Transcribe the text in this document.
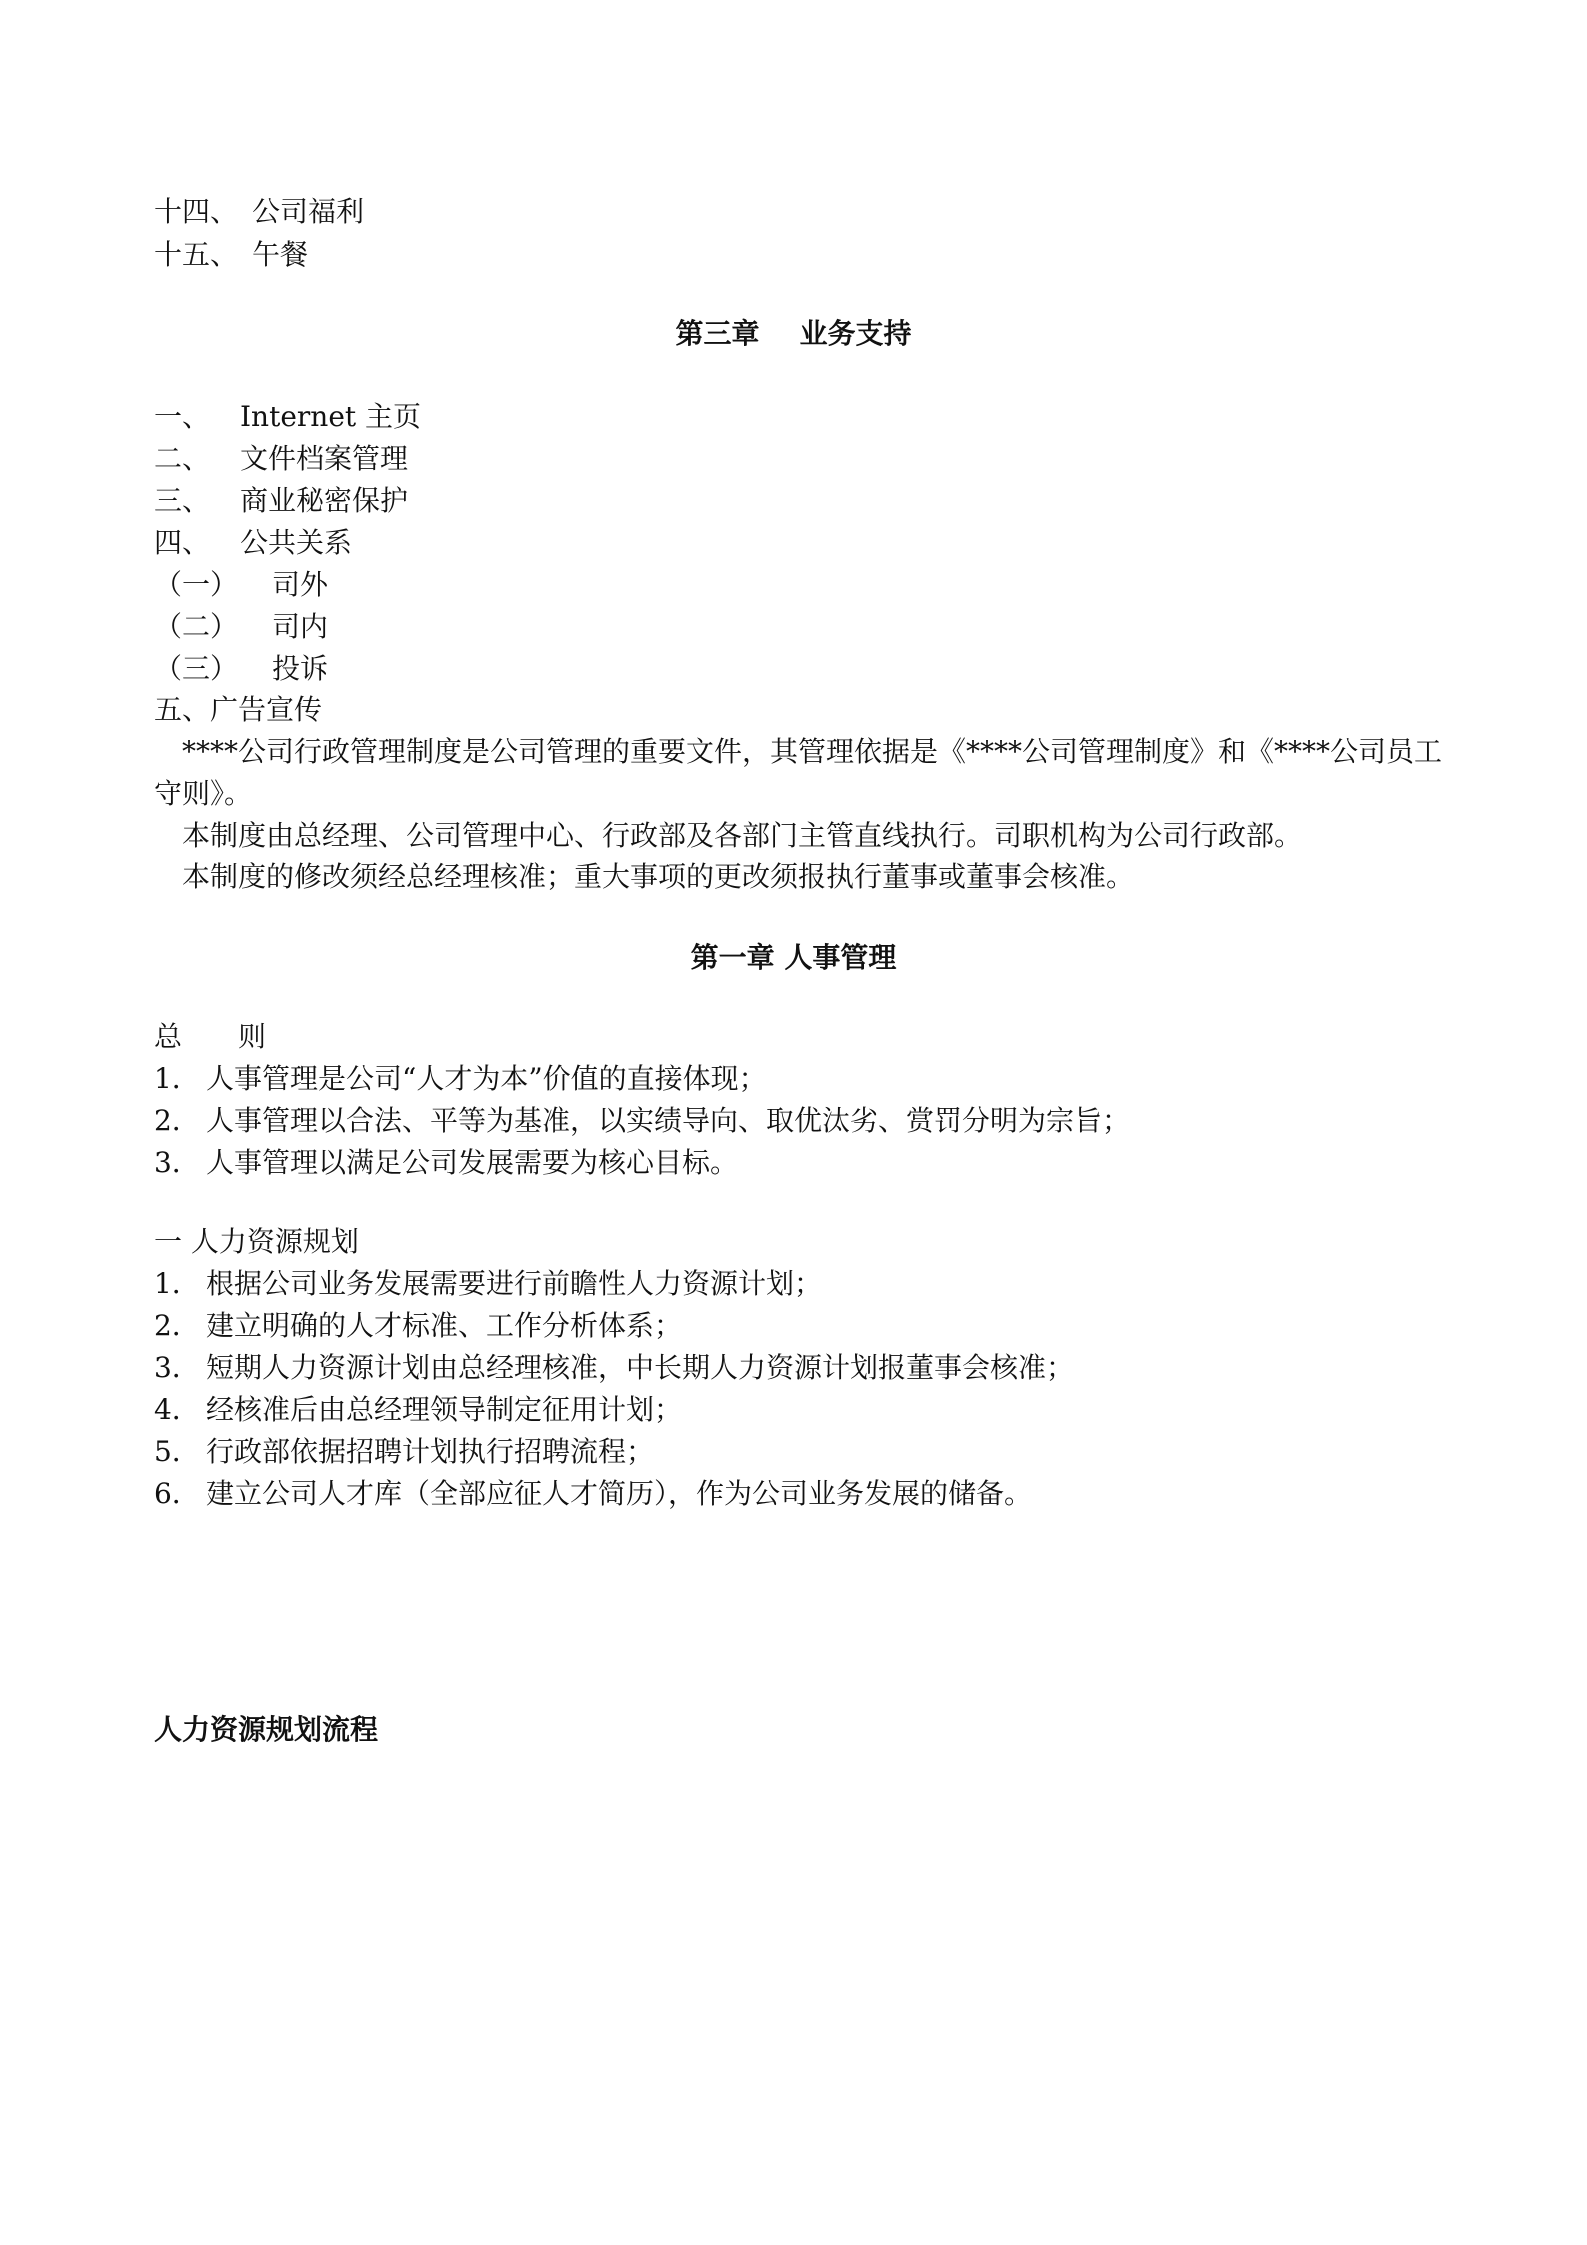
十四、 公司福利
十五、 午餐
第三章 业务支持
一、 Internet 主页
二、 文件档案管理
三、 商业秘密保护
四、 公共关系
（一） 司外
（二） 司内
（三） 投诉
五、广告宣传
****公司行政管理制度是公司管理的重要文件，其管理依据是《****公司管理制度》和《****公司员工守则》。
本制度由总经理、公司管理中心、行政部及各部门主管直线执行。司职机构为公司行政部。
本制度的修改须经总经理核准；重大事项的更改须报执行董事或董事会核准。
第一章 人事管理
总 则
1． 人事管理是公司“人才为本”价值的直接体现；
2． 人事管理以合法、平等为基准，以实绩导向、取优汰劣、赏罚分明为宗旨；
3． 人事管理以满足公司发展需要为核心目标。
一 人力资源规划
1． 根据公司业务发展需要进行前瞻性人力资源计划；
2． 建立明确的人才标准、工作分析体系；
3． 短期人力资源计划由总经理核准，中长期人力资源计划报董事会核准；
4． 经核准后由总经理领导制定征用计划；
5． 行政部依据招聘计划执行招聘流程；
6． 建立公司人才库（全部应征人才简历），作为公司业务发展的储备。
人力资源规划流程
